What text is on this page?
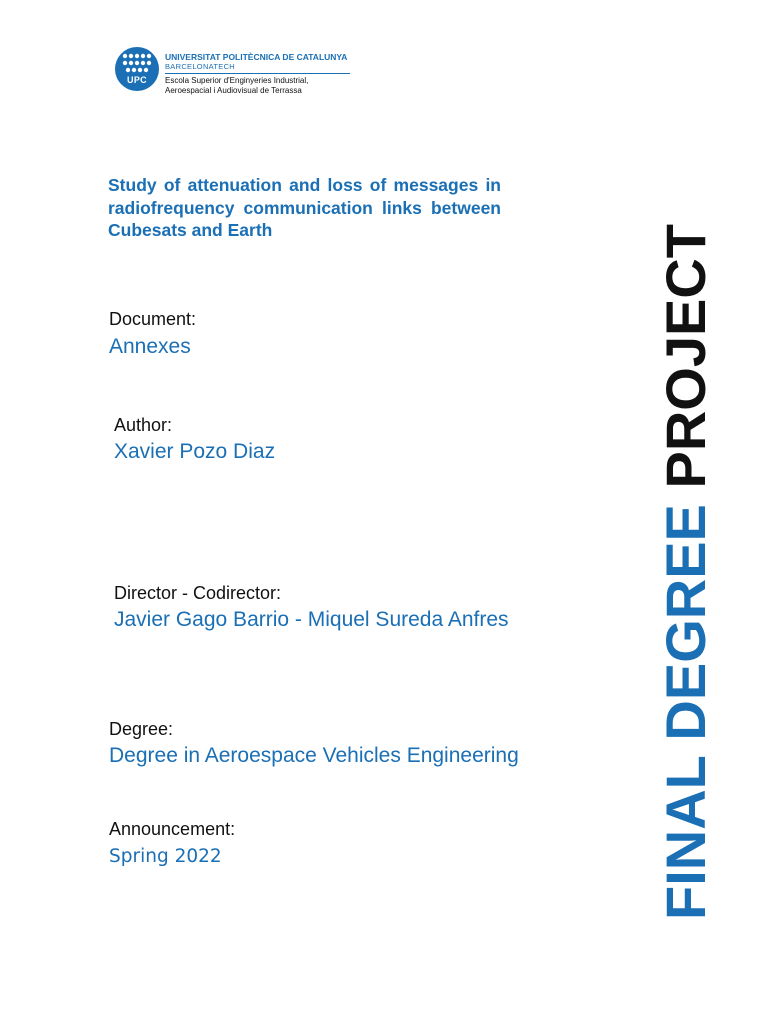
UPC
UNIVERSITAT POLITÈCNICA DE CATALUNYA
BARCELONATECH
Escola Superior d'Enginyeries Industrial,
Aeroespacial i Audiovisual de Terrassa

Study of attenuation and loss of messages in radiofrequency communication links between Cubesats and Earth

Document:
Annexes
Author:
Xavier Pozo Diaz
Director - Codirector:
Javier Gago Barrio - Miquel Sureda Anfres
Degree:
Degree in Aeroespace Vehicles Engineering
Announcement:
Spring 2022	FINAL DEGREE PROJECT
